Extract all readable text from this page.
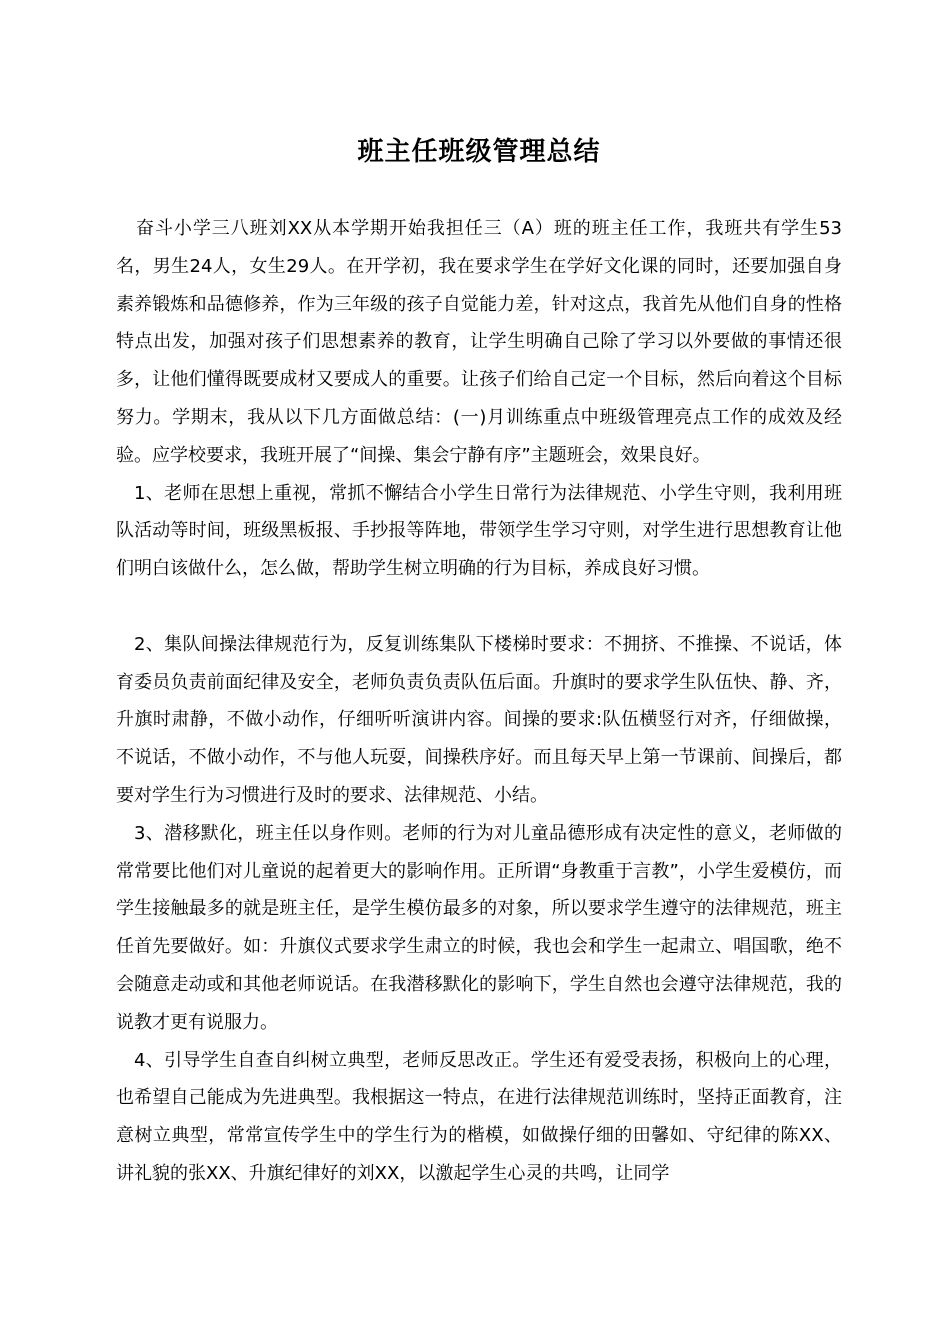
班主任班级管理总结

奋斗小学三八班刘XX从本学期开始我担任三（A）班的班主任工作，我班共有学生53名，男生24人，女生29人。在开学初，我在要求学生在学好文化课的同时，还要加强自身素养锻炼和品德修养，作为三年级的孩子自觉能力差，针对这点，我首先从他们自身的性格特点出发，加强对孩子们思想素养的教育，让学生明确自己除了学习以外要做的事情还很多，让他们懂得既要成材又要成人的重要。让孩子们给自己定一个目标，然后向着这个目标努力。学期末，我从以下几方面做总结：(一)月训练重点中班级管理亮点工作的成效及经验。应学校要求，我班开展了“间操、集会宁静有序”主题班会，效果良好。

1、老师在思想上重视，常抓不懈结合小学生日常行为法律规范、小学生守则，我利用班队活动等时间，班级黑板报、手抄报等阵地，带领学生学习守则，对学生进行思想教育让他们明白该做什么，怎么做，帮助学生树立明确的行为目标，养成良好习惯。

2、集队间操法律规范行为，反复训练集队下楼梯时要求：不拥挤、不推操、不说话，体育委员负责前面纪律及安全，老师负责负责队伍后面。升旗时的要求学生队伍快、静、齐，升旗时肃静，不做小动作，仔细听听演讲内容。间操的要求:队伍横竖行对齐，仔细做操，不说话，不做小动作，不与他人玩耍，间操秩序好。而且每天早上第一节课前、间操后，都要对学生行为习惯进行及时的要求、法律规范、小结。

3、潜移默化，班主任以身作则。老师的行为对儿童品德形成有决定性的意义，老师做的常常要比他们对儿童说的起着更大的影响作用。正所谓“身教重于言教”，小学生爱模仿，而学生接触最多的就是班主任，是学生模仿最多的对象，所以要求学生遵守的法律规范，班主任首先要做好。如：升旗仪式要求学生肃立的时候，我也会和学生一起肃立、唱国歌，绝不会随意走动或和其他老师说话。在我潜移默化的影响下，学生自然也会遵守法律规范，我的说教才更有说服力。

4、引导学生自查自纠树立典型，老师反思改正。学生还有爱受表扬，积极向上的心理，也希望自己能成为先进典型。我根据这一特点，在进行法律规范训练时，坚持正面教育，注意树立典型，常常宣传学生中的学生行为的楷模，如做操仔细的田馨如、守纪律的陈XX、讲礼貌的张XX、升旗纪律好的刘XX，以激起学生心灵的共鸣，让同学
